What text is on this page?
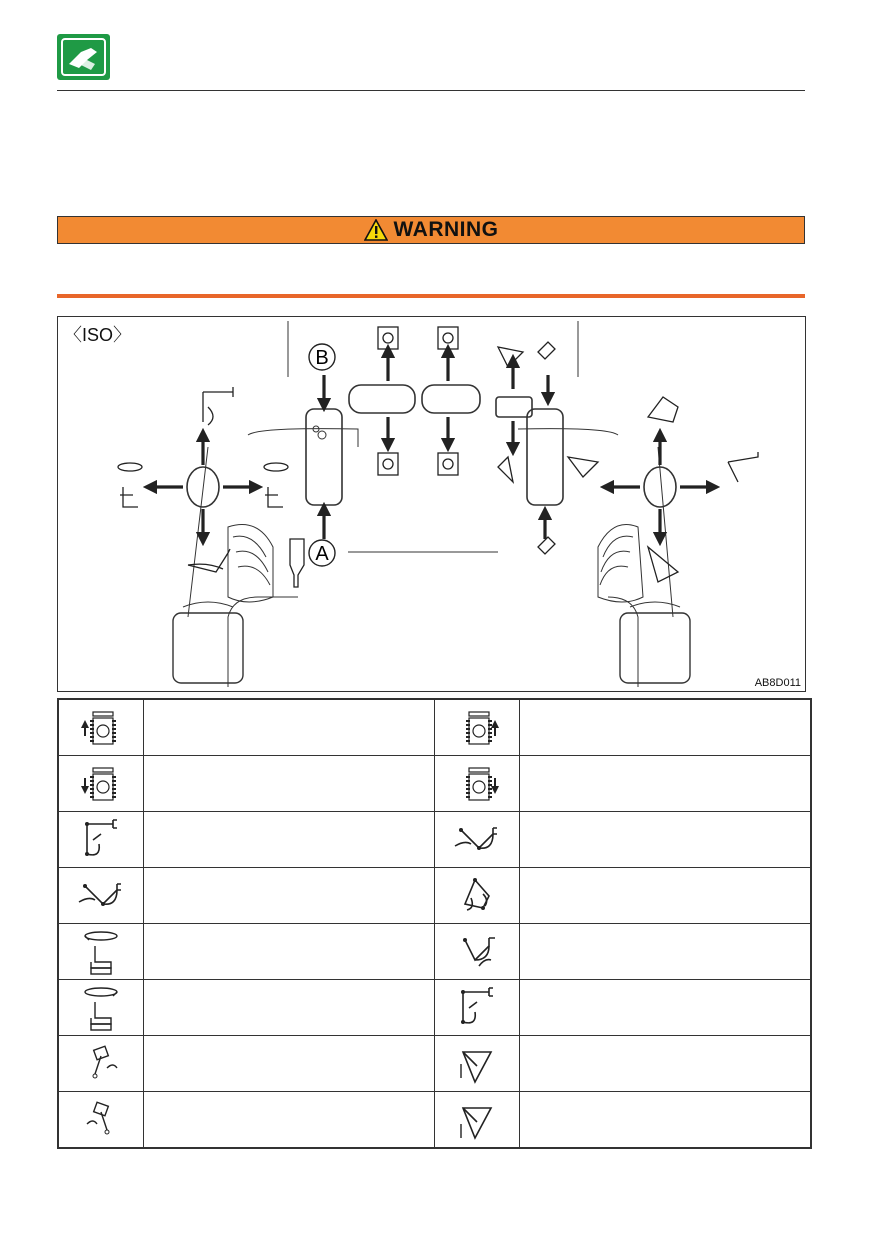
WARNING
〈ISO〉
AB8D011
B
A
